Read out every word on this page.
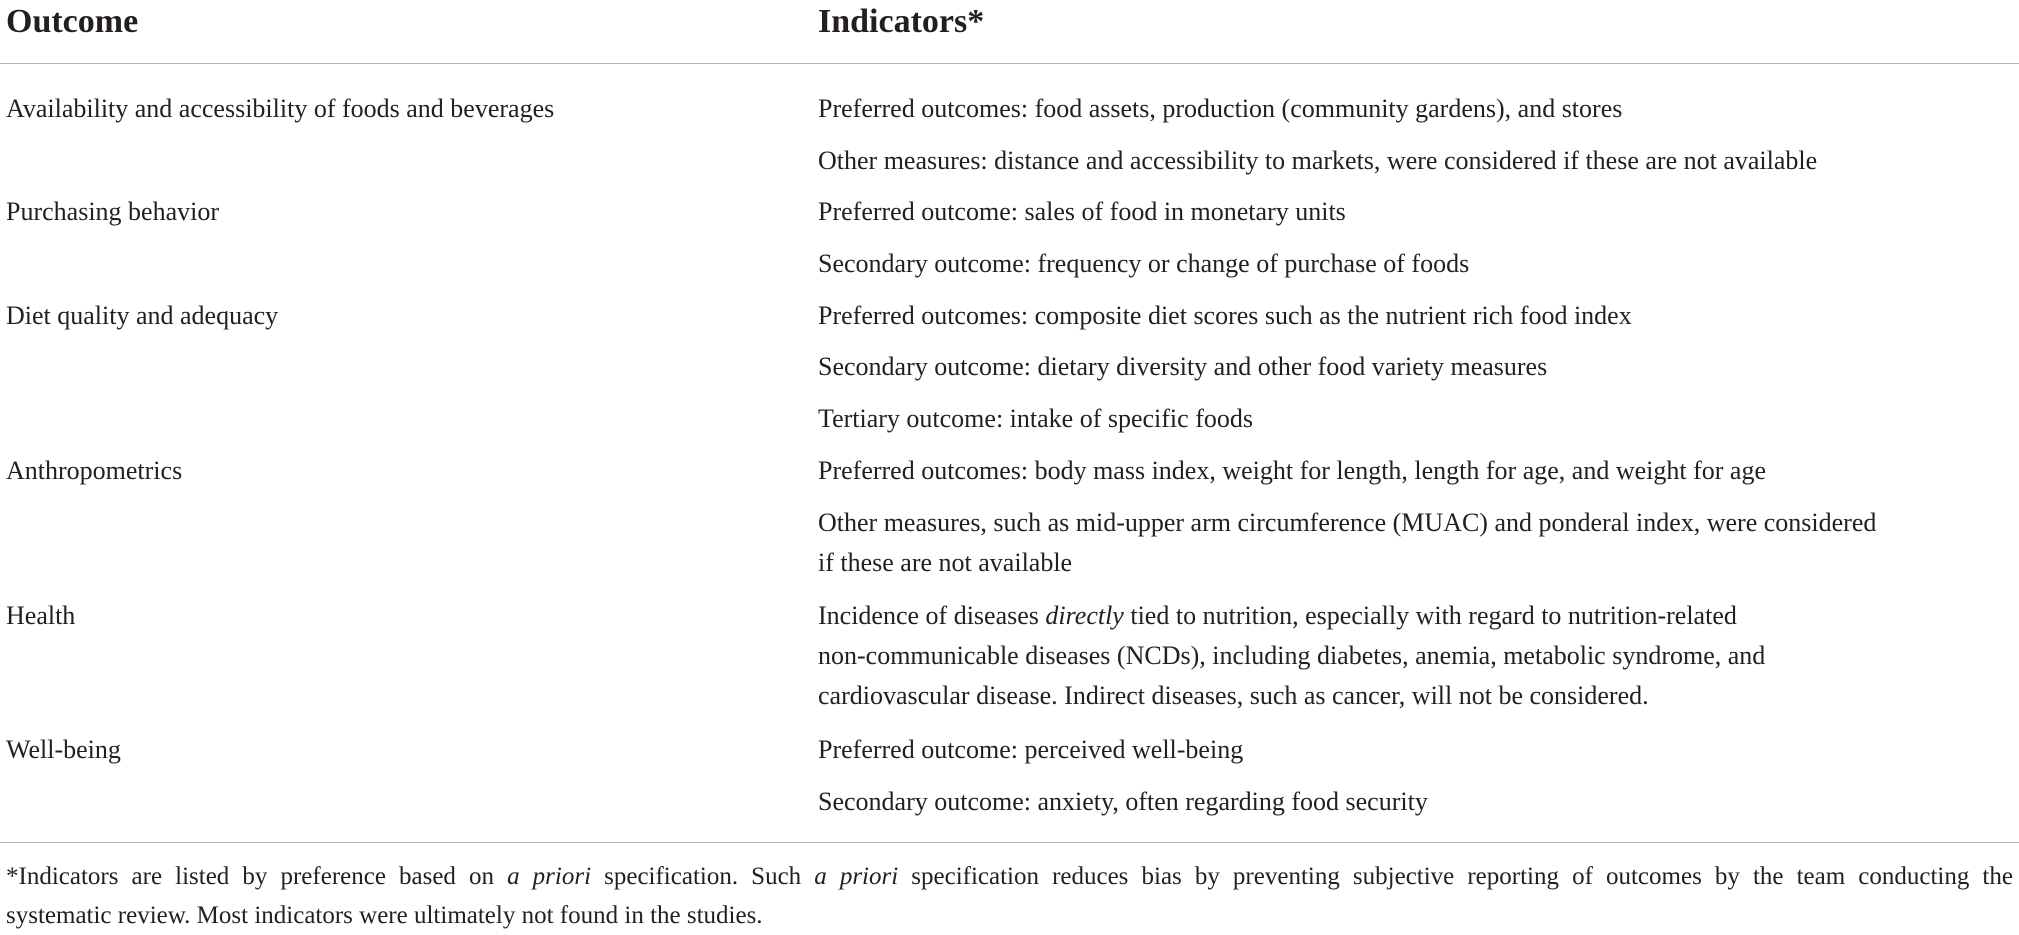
Outcome	Indicators*
Availability and accessibility of foods and beverages	Preferred outcomes: food assets, production (community gardens), and stores
Other measures: distance and accessibility to markets, were considered if these are not available
Purchasing behavior	Preferred outcome: sales of food in monetary units
Secondary outcome: frequency or change of purchase of foods
Diet quality and adequacy	Preferred outcomes: composite diet scores such as the nutrient rich food index
Secondary outcome: dietary diversity and other food variety measures
Tertiary outcome: intake of specific foods
Anthropometrics	Preferred outcomes: body mass index, weight for length, length for age, and weight for age
Other measures, such as mid-upper arm circumference (MUAC) and ponderal index, were considered
if these are not available
Health	Incidence of diseases directly tied to nutrition, especially with regard to nutrition-related
non-communicable diseases (NCDs), including diabetes, anemia, metabolic syndrome, and
cardiovascular disease. Indirect diseases, such as cancer, will not be considered.
Well-being	Preferred outcome: perceived well-being
Secondary outcome: anxiety, often regarding food security
*Indicators are listed by preference based on a priori specification. Such a priori specification reduces bias by preventing subjective reporting of outcomes by the team conducting the
systematic review. Most indicators were ultimately not found in the studies.
